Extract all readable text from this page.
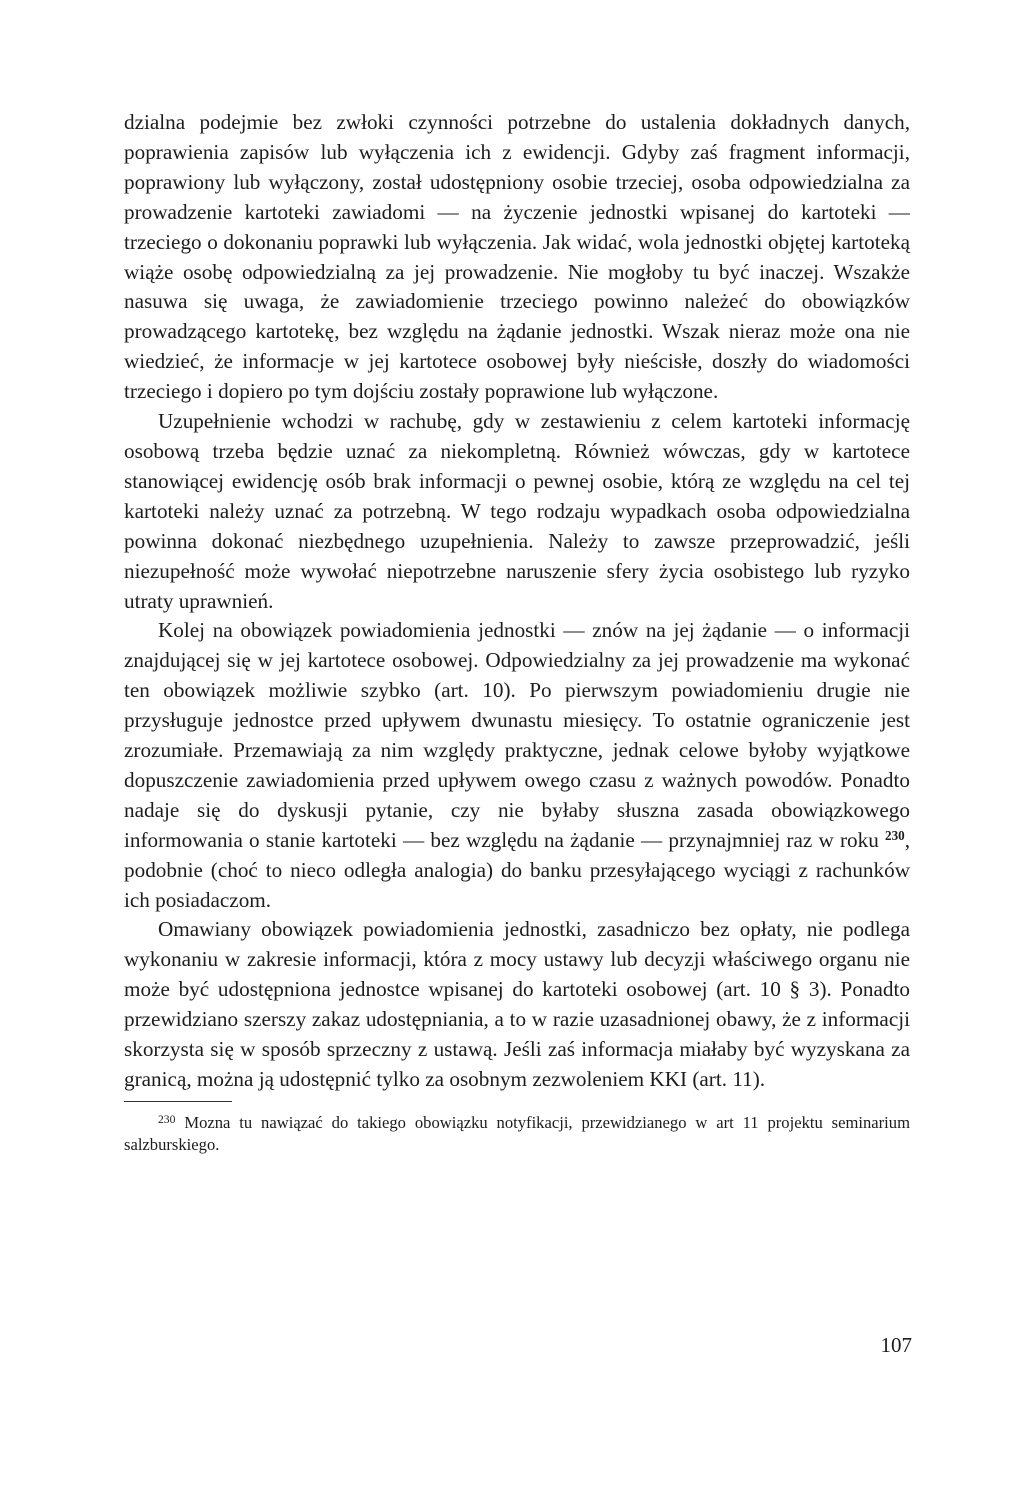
dzialna podejmie bez zwłoki czynności potrzebne do ustalenia dokładnych danych, poprawienia zapisów lub wyłączenia ich z ewidencji. Gdyby zaś fragment informacji, poprawiony lub wyłączony, został udostępniony osobie trzeciej, osoba odpowiedzialna za prowadzenie kartoteki zawiadomi — na życzenie jednostki wpisanej do kartoteki — trzeciego o dokonaniu poprawki lub wyłączenia. Jak widać, wola jednostki objętej kartoteką wiąże osobę odpowiedzialną za jej prowadzenie. Nie mogłoby tu być inaczej. Wszakże nasuwa się uwaga, że zawiadomienie trzeciego powinno należeć do obowiązków prowadzącego kartotekę, bez względu na żądanie jednostki. Wszak nieraz może ona nie wiedzieć, że informacje w jej kartotece osobowej były nieścisłe, doszły do wiadomości trzeciego i dopiero po tym dojściu zostały poprawione lub wyłączone.

Uzupełnienie wchodzi w rachubę, gdy w zestawieniu z celem kartoteki informację osobową trzeba będzie uznać za niekompletną. Również wówczas, gdy w kartotece stanowiącej ewidencję osób brak informacji o pewnej osobie, którą ze względu na cel tej kartoteki należy uznać za potrzebną. W tego rodzaju wypadkach osoba odpowiedzialna powinna dokonać niezbędnego uzupełnienia. Należy to zawsze przeprowadzić, jeśli niezupełność może wywołać niepotrzebne naruszenie sfery życia osobistego lub ryzyko utraty uprawnień.

Kolej na obowiązek powiadomienia jednostki — znów na jej żądanie — o informacji znajdującej się w jej kartotece osobowej. Odpowiedzialny za jej prowadzenie ma wykonać ten obowiązek możliwie szybko (art. 10). Po pierwszym powiadomieniu drugie nie przysługuje jednostce przed upływem dwunastu miesięcy. To ostatnie ograniczenie jest zrozumiałe. Przemawiają za nim względy praktyczne, jednak celowe byłoby wyjątkowe dopuszczenie zawiadomienia przed upływem owego czasu z ważnych powodów. Ponadto nadaje się do dyskusji pytanie, czy nie byłaby słuszna zasada obowiązkowego informowania o stanie kartoteki — bez względu na żądanie — przynajmniej raz w roku $^{230}$, podobnie (choć to nieco odległa analogia) do banku przesyłającego wyciągi z rachunków ich posiadaczom.

Omawiany obowiązek powiadomienia jednostki, zasadniczo bez opłaty, nie podlega wykonaniu w zakresie informacji, która z mocy ustawy lub decyzji właściwego organu nie może być udostępniona jednostce wpisanej do kartoteki osobowej (art. 10 § 3). Ponadto przewidziano szerszy zakaz udostępniania, a to w razie uzasadnionej obawy, że z informacji skorzysta się w sposób sprzeczny z ustawą. Jeśli zaś informacja miałaby być wyzyskana za granicą, można ją udostępnić tylko za osobnym zezwoleniem KKI (art. 11).

$^{230}$ Mozna tu nawiązać do takiego obowiązku notyfikacji, przewidzianego w art 11 projektu seminarium salzburskiego.

107
